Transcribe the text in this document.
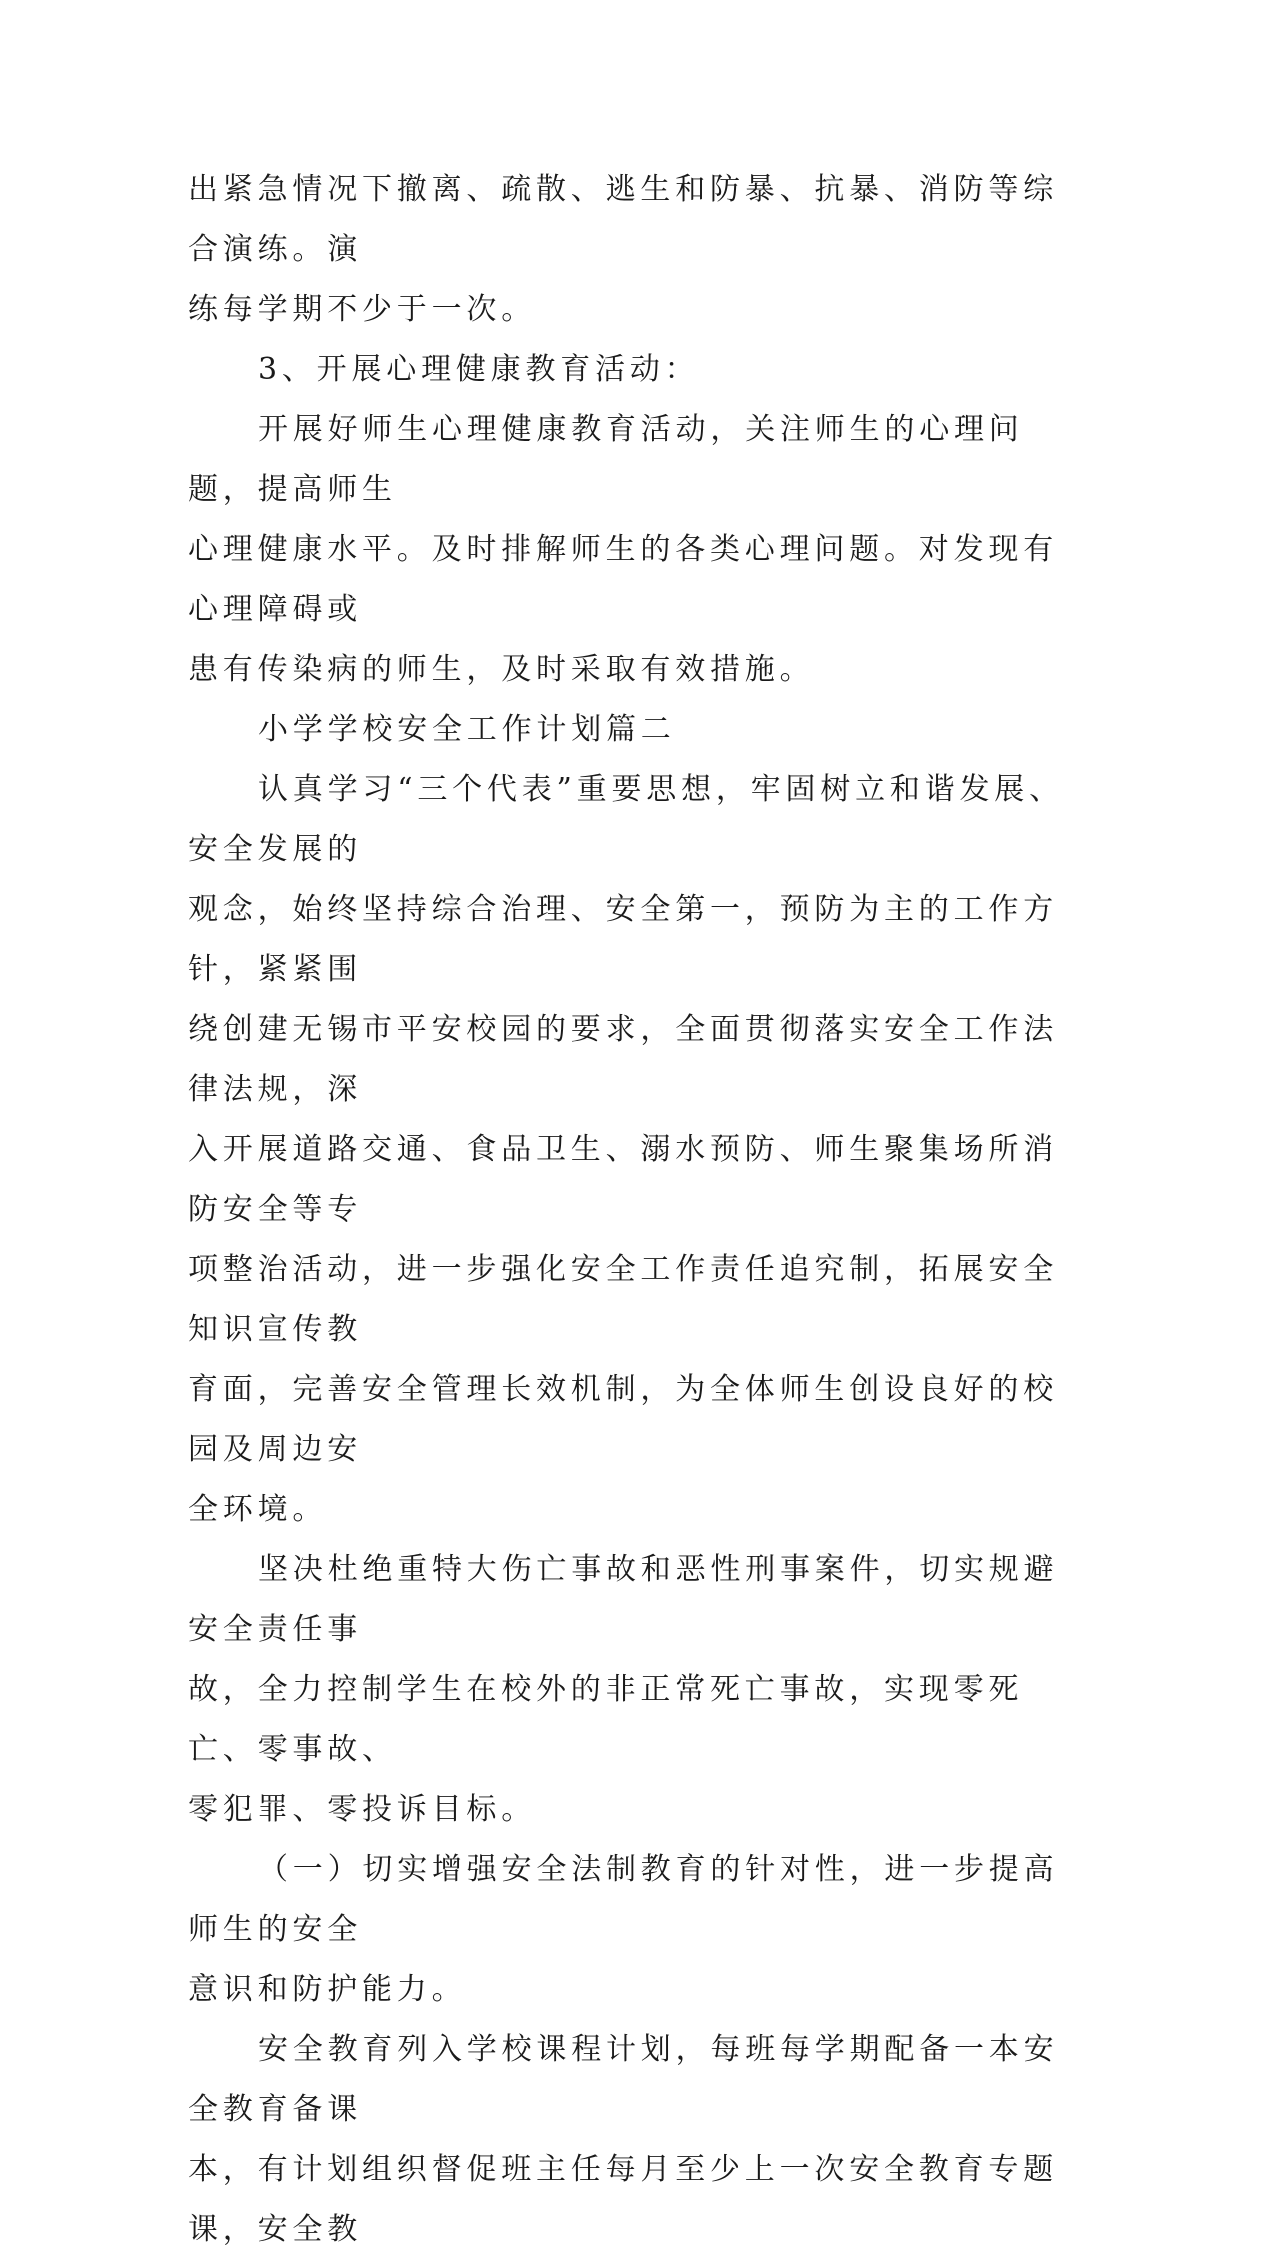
出紧急情况下撤离、疏散、逃生和防暴、抗暴、消防等综合演练。演
练每学期不少于一次。

3、开展心理健康教育活动：

开展好师生心理健康教育活动，关注师生的心理问题，提高师生
心理健康水平。及时排解师生的各类心理问题。对发现有心理障碍或
患有传染病的师生，及时采取有效措施。

小学学校安全工作计划篇二

认真学习“三个代表”重要思想，牢固树立和谐发展、安全发展的
观念，始终坚持综合治理、安全第一，预防为主的工作方针，紧紧围
绕创建无锡市平安校园的要求，全面贯彻落实安全工作法律法规，深
入开展道路交通、食品卫生、溺水预防、师生聚集场所消防安全等专
项整治活动，进一步强化安全工作责任追究制，拓展安全知识宣传教
育面，完善安全管理长效机制，为全体师生创设良好的校园及周边安
全环境。

坚决杜绝重特大伤亡事故和恶性刑事案件，切实规避安全责任事
故，全力控制学生在校外的非正常死亡事故，实现零死亡、零事故、
零犯罪、零投诉目标。

（一）切实增强安全法制教育的针对性，进一步提高师生的安全
意识和防护能力。

安全教育列入学校课程计划，每班每学期配备一本安全教育备课
本，有计划组织督促班主任每月至少上一次安全教育专题课，安全教
